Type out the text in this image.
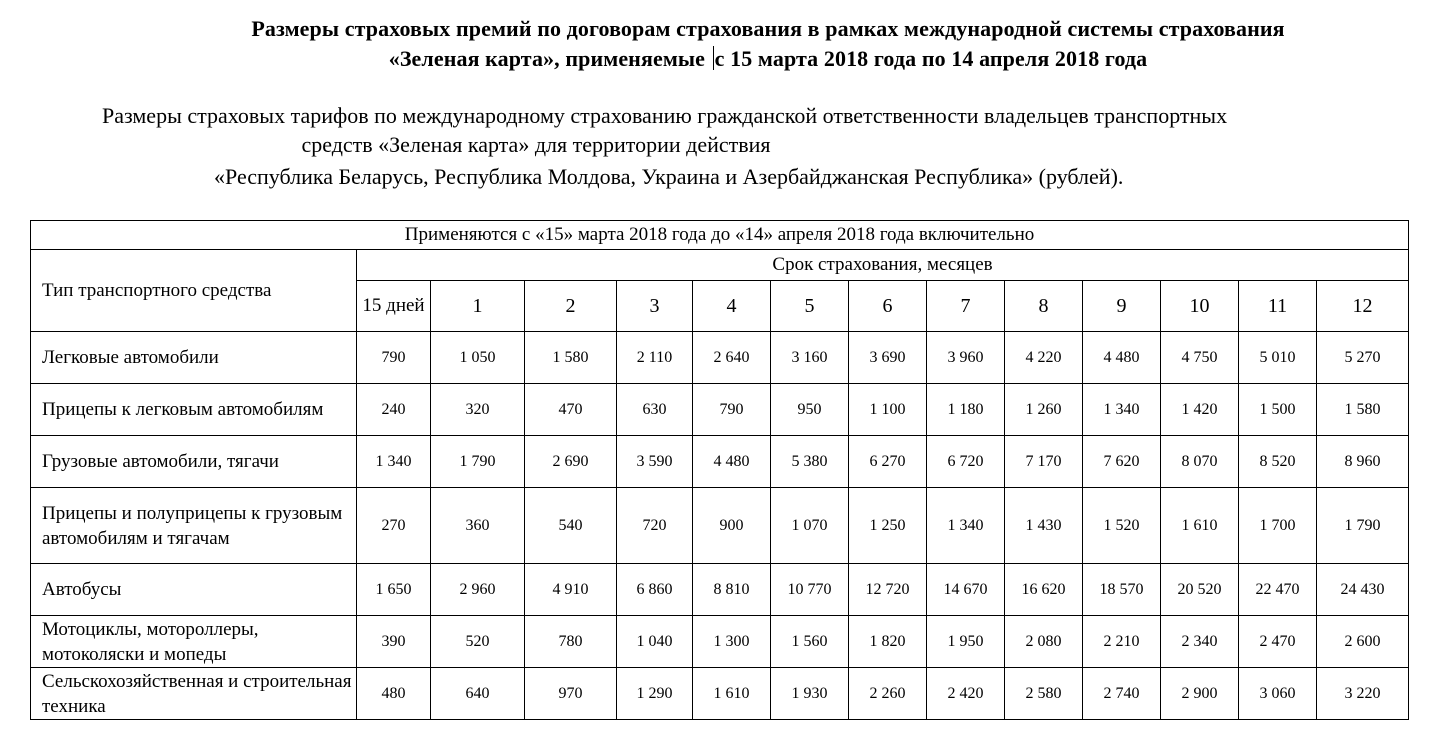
Размеры страховых премий по договорам страхования в рамках международной системы страхования
«Зеленая карта», применяемые с 15 марта 2018 года по 14 апреля 2018 года
Размеры страховых тарифов по международному страхованию гражданской ответственности владельцев транспортных
средств «Зеленая карта» для территории действия
«Республика Беларусь, Республика Молдова, Украина и Азербайджанская Республика» (рублей).
Применяются с «15» марта 2018 года до «14» апреля 2018 года включительно													
Тип транспортного средства	Срок страхования, месяцев												
	15 дней	1	2	3	4	5	6	7	8	9	10	11	12
Легковые автомобили	790	1 050	1 580	2 110	2 640	3 160	3 690	3 960	4 220	4 480	4 750	5 010	5 270
Прицепы к легковым автомобилям	240	320	470	630	790	950	1 100	1 180	1 260	1 340	1 420	1 500	1 580
Грузовые автомобили, тягачи	1 340	1 790	2 690	3 590	4 480	5 380	6 270	6 720	7 170	7 620	8 070	8 520	8 960
Прицепы и полуприцепы к грузовым автомобилям и тягачам	270	360	540	720	900	1 070	1 250	1 340	1 430	1 520	1 610	1 700	1 790
Автобусы	1 650	2 960	4 910	6 860	8 810	10 770	12 720	14 670	16 620	18 570	20 520	22 470	24 430
Мотоциклы, мотороллеры, мотоколяски и мопеды	390	520	780	1 040	1 300	1 560	1 820	1 950	2 080	2 210	2 340	2 470	2 600
Сельскохозяйственная и строительная техника	480	640	970	1 290	1 610	1 930	2 260	2 420	2 580	2 740	2 900	3 060	3 220
